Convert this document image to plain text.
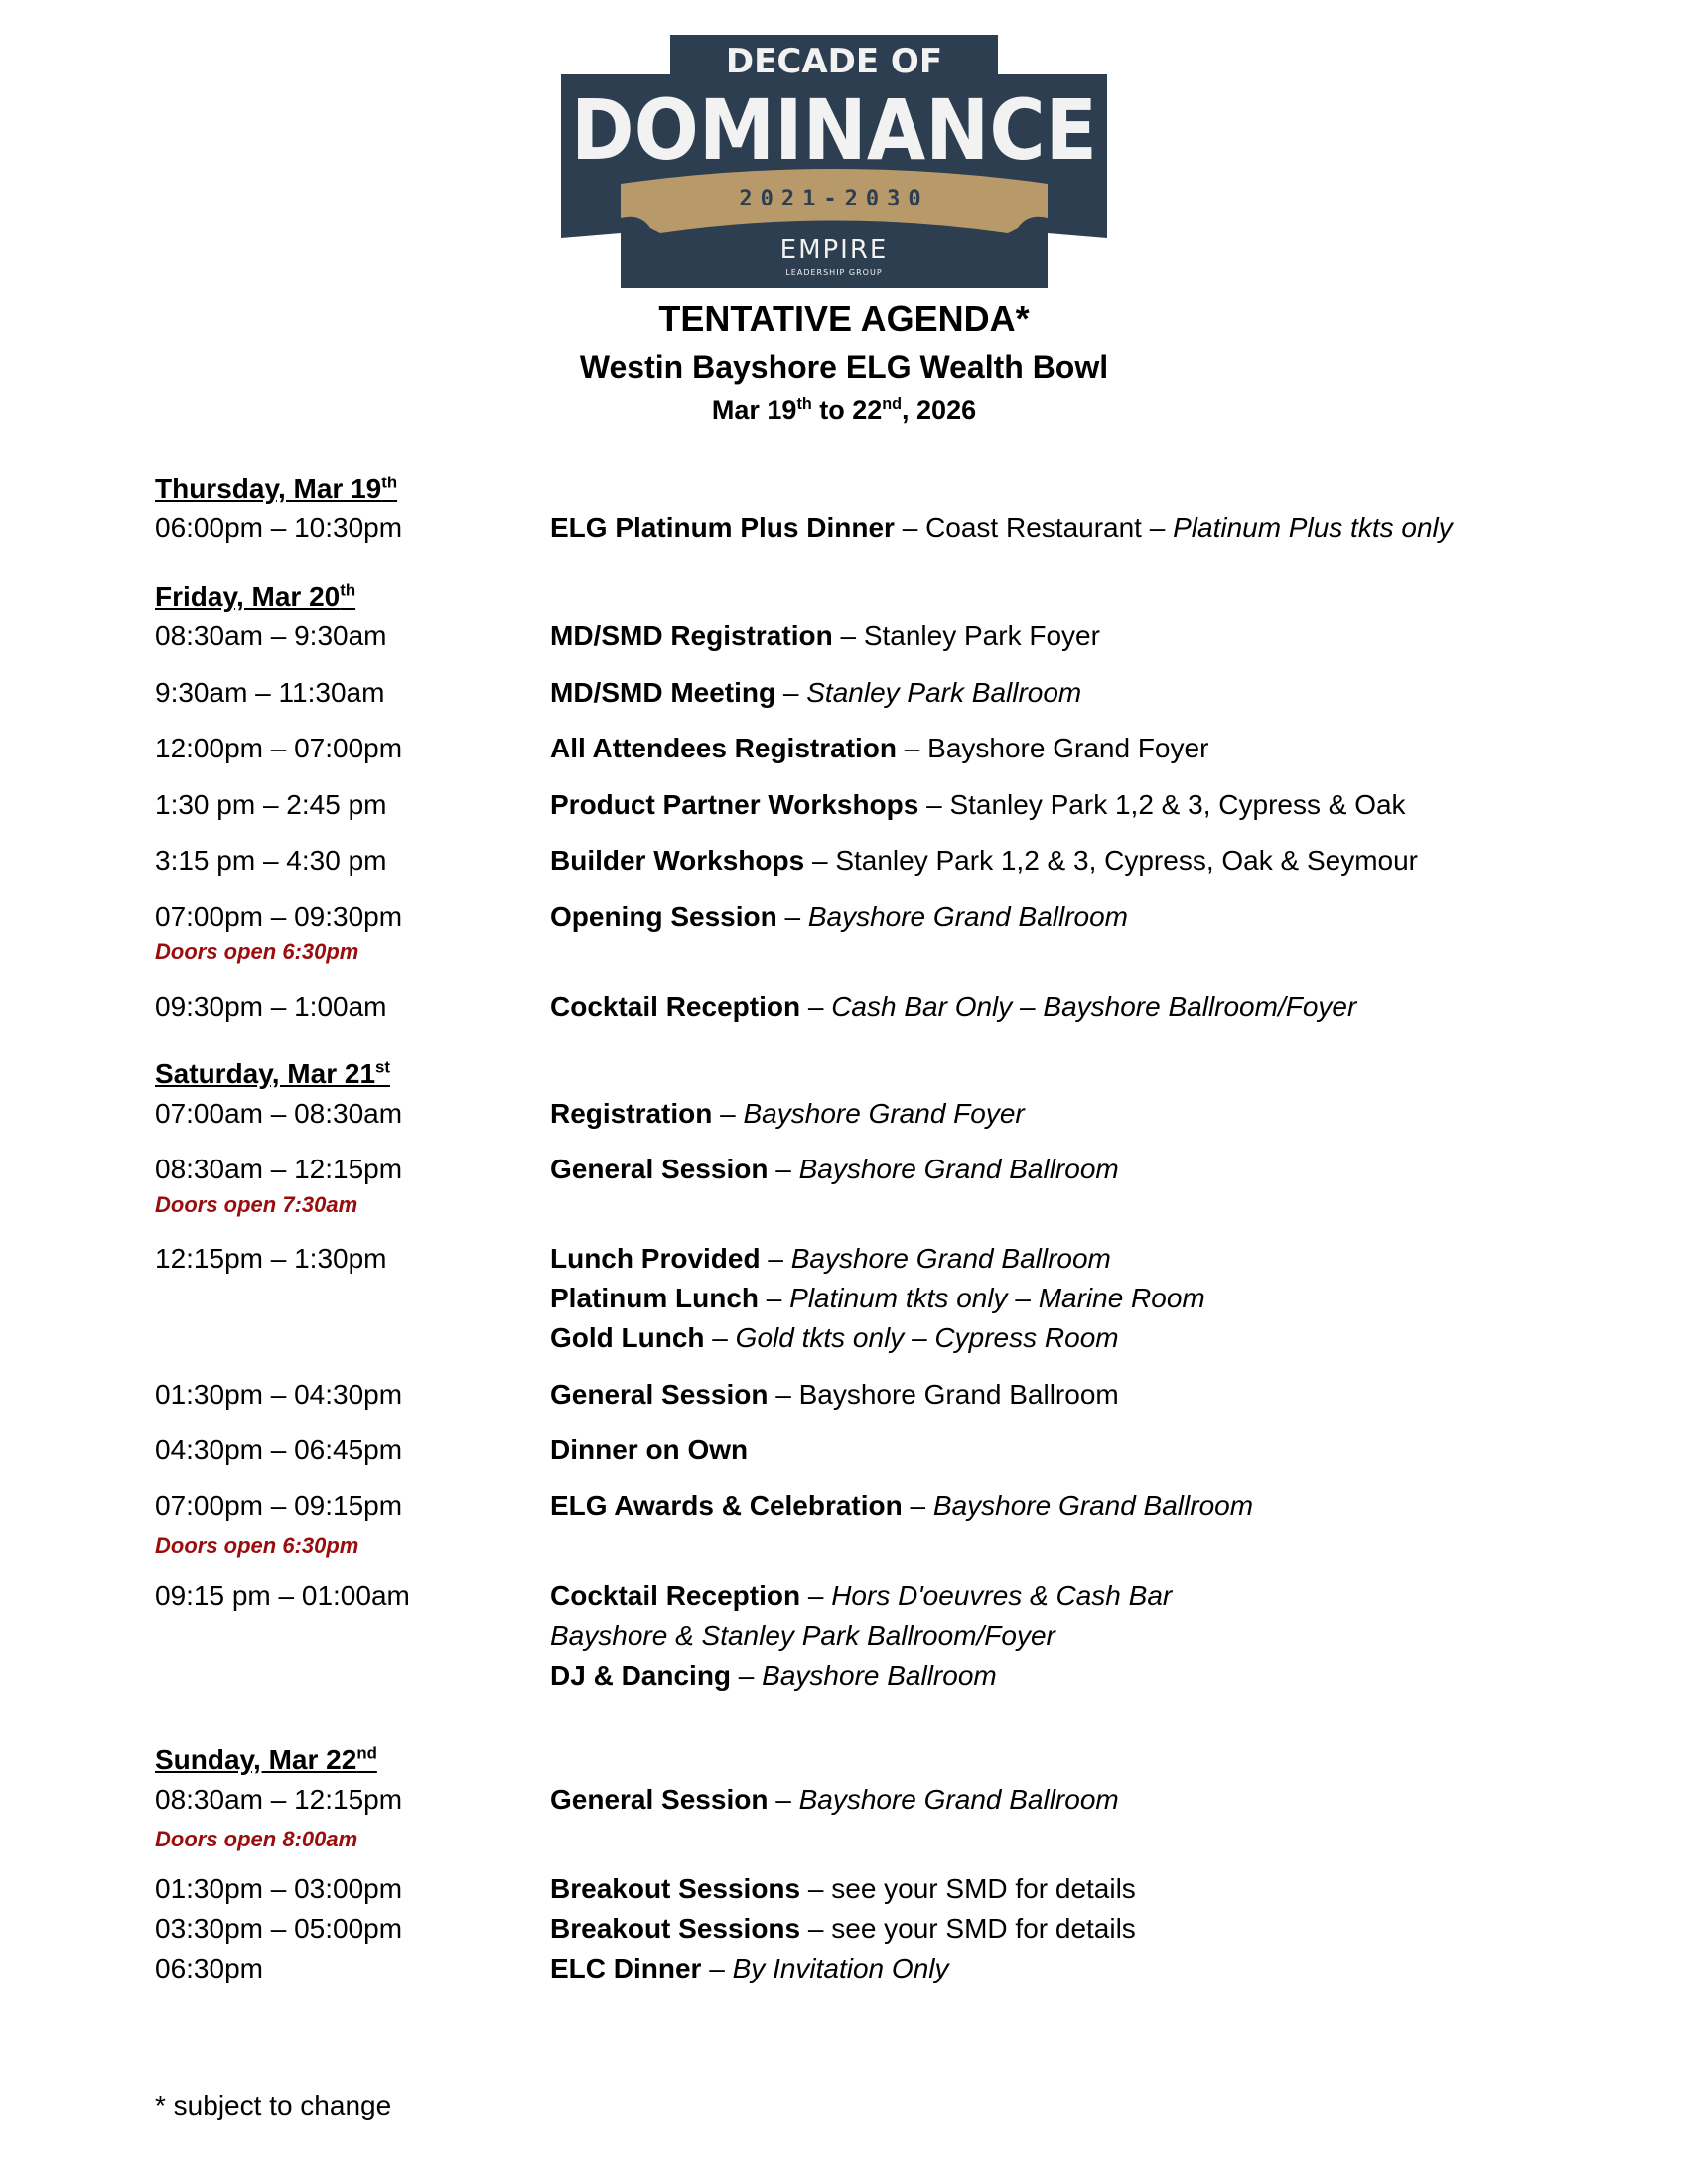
DECADE OF
DOMINANCE
2021-2030
EMPIRE
LEADERSHIP GROUP
TENTATIVE AGENDA*
Westin Bayshore ELG Wealth Bowl
Mar 19th to 22nd, 2026
Thursday, Mar 19th
Friday, Mar 20th
Saturday, Mar 21st
Sunday, Mar 22nd
06:00pm – 10:30pm	ELG Platinum Plus Dinner – Coast Restaurant – Platinum Plus tkts only
08:30am – 9:30am	MD/SMD Registration – Stanley Park Foyer
9:30am – 11:30am	MD/SMD Meeting – Stanley Park Ballroom
12:00pm – 07:00pm	All Attendees Registration – Bayshore Grand Foyer
1:30 pm – 2:45 pm	Product Partner Workshops – Stanley Park 1,2 & 3, Cypress & Oak
3:15 pm – 4:30 pm	Builder Workshops – Stanley Park 1,2 & 3, Cypress, Oak & Seymour
07:00pm – 09:30pm	Opening Session – Bayshore Grand Ballroom
09:30pm – 1:00am	Cocktail Reception – Cash Bar Only – Bayshore Ballroom/Foyer
07:00am – 08:30am	Registration – Bayshore Grand Foyer
08:30am – 12:15pm	General Session – Bayshore Grand Ballroom
12:15pm – 1:30pm	Lunch Provided – Bayshore Grand Ballroom
Platinum Lunch – Platinum tkts only – Marine Room
Gold Lunch – Gold tkts only – Cypress Room
01:30pm – 04:30pm	General Session – Bayshore Grand Ballroom
04:30pm – 06:45pm	Dinner on Own
07:00pm – 09:15pm	ELG Awards & Celebration – Bayshore Grand Ballroom
09:15 pm – 01:00am	Cocktail Reception – Hors D'oeuvres & Cash Bar
Bayshore & Stanley Park Ballroom/Foyer
DJ & Dancing – Bayshore Ballroom
08:30am – 12:15pm	General Session – Bayshore Grand Ballroom
01:30pm – 03:00pm	Breakout Sessions – see your SMD for details
03:30pm – 05:00pm	Breakout Sessions – see your SMD for details
06:30pm	ELC Dinner – By Invitation Only
Doors open 6:30pm
Doors open 7:30am
Doors open 6:30pm
Doors open 8:00am
* subject to change
